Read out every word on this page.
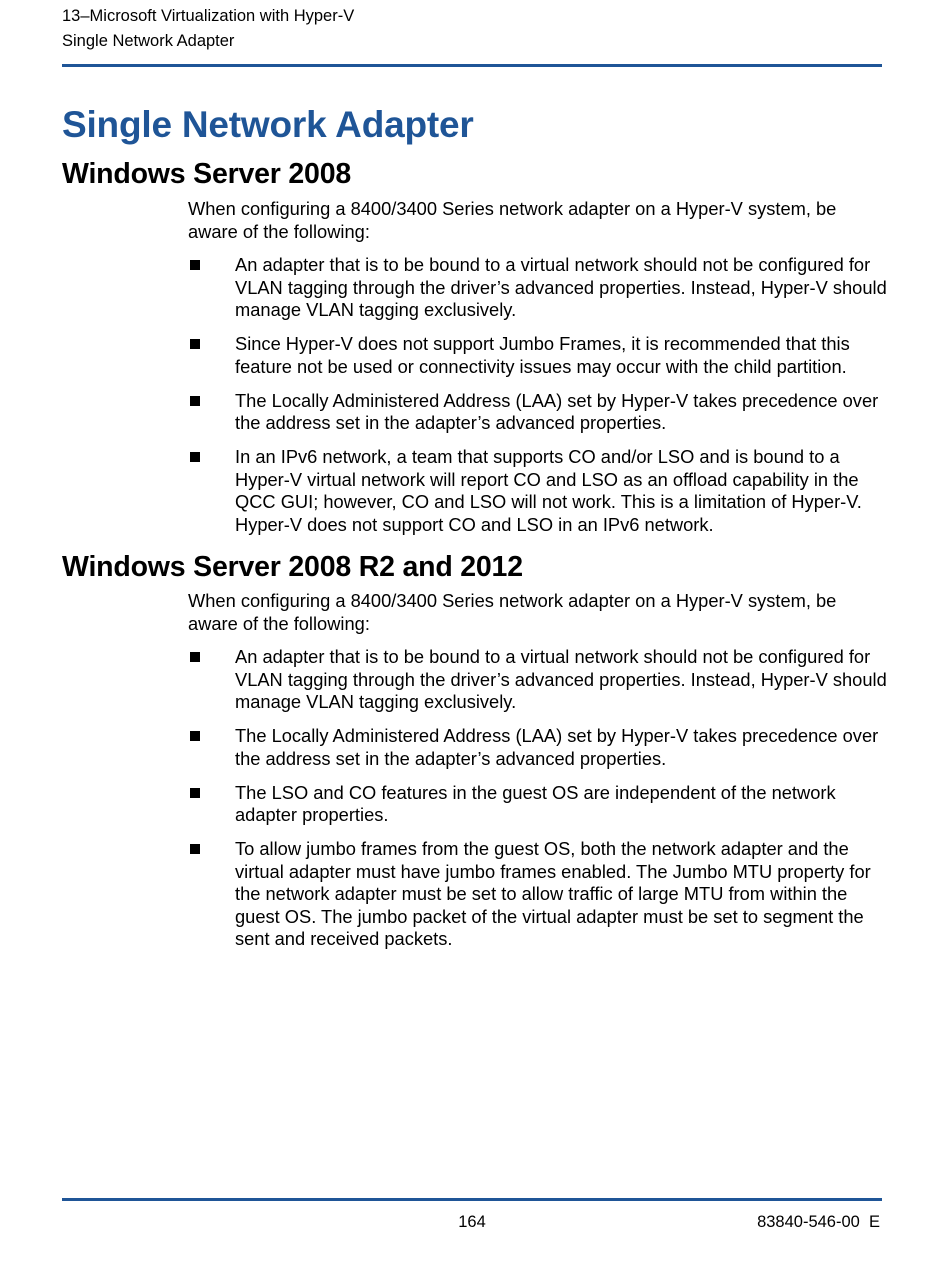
13–Microsoft Virtualization with Hyper-V
Single Network Adapter
Single Network Adapter
Windows Server 2008

When configuring a 8400/3400 Series network adapter on a Hyper-V system, be aware of the following:

An adapter that is to be bound to a virtual network should not be configured for VLAN tagging through the driver’s advanced properties. Instead, Hyper-V should manage VLAN tagging exclusively.
Since Hyper-V does not support Jumbo Frames, it is recommended that this feature not be used or connectivity issues may occur with the child partition.
The Locally Administered Address (LAA) set by Hyper-V takes precedence over the address set in the adapter’s advanced properties.
In an IPv6 network, a team that supports CO and/or LSO and is bound to a Hyper-V virtual network will report CO and LSO as an offload capability in the QCC GUI; however, CO and LSO will not work. This is a limitation of Hyper-V. Hyper-V does not support CO and LSO in an IPv6 network.
Windows Server 2008 R2 and 2012

When configuring a 8400/3400 Series network adapter on a Hyper-V system, be aware of the following:

An adapter that is to be bound to a virtual network should not be configured for VLAN tagging through the driver’s advanced properties. Instead, Hyper-V should manage VLAN tagging exclusively.
The Locally Administered Address (LAA) set by Hyper-V takes precedence over the address set in the adapter’s advanced properties.
The LSO and CO features in the guest OS are independent of the network adapter properties.
To allow jumbo frames from the guest OS, both the network adapter and the virtual adapter must have jumbo frames enabled. The Jumbo MTU property for the network adapter must be set to allow traffic of large MTU from within the guest OS. The jumbo packet of the virtual adapter must be set to segment the sent and received packets.
164	83840-546-00  E
